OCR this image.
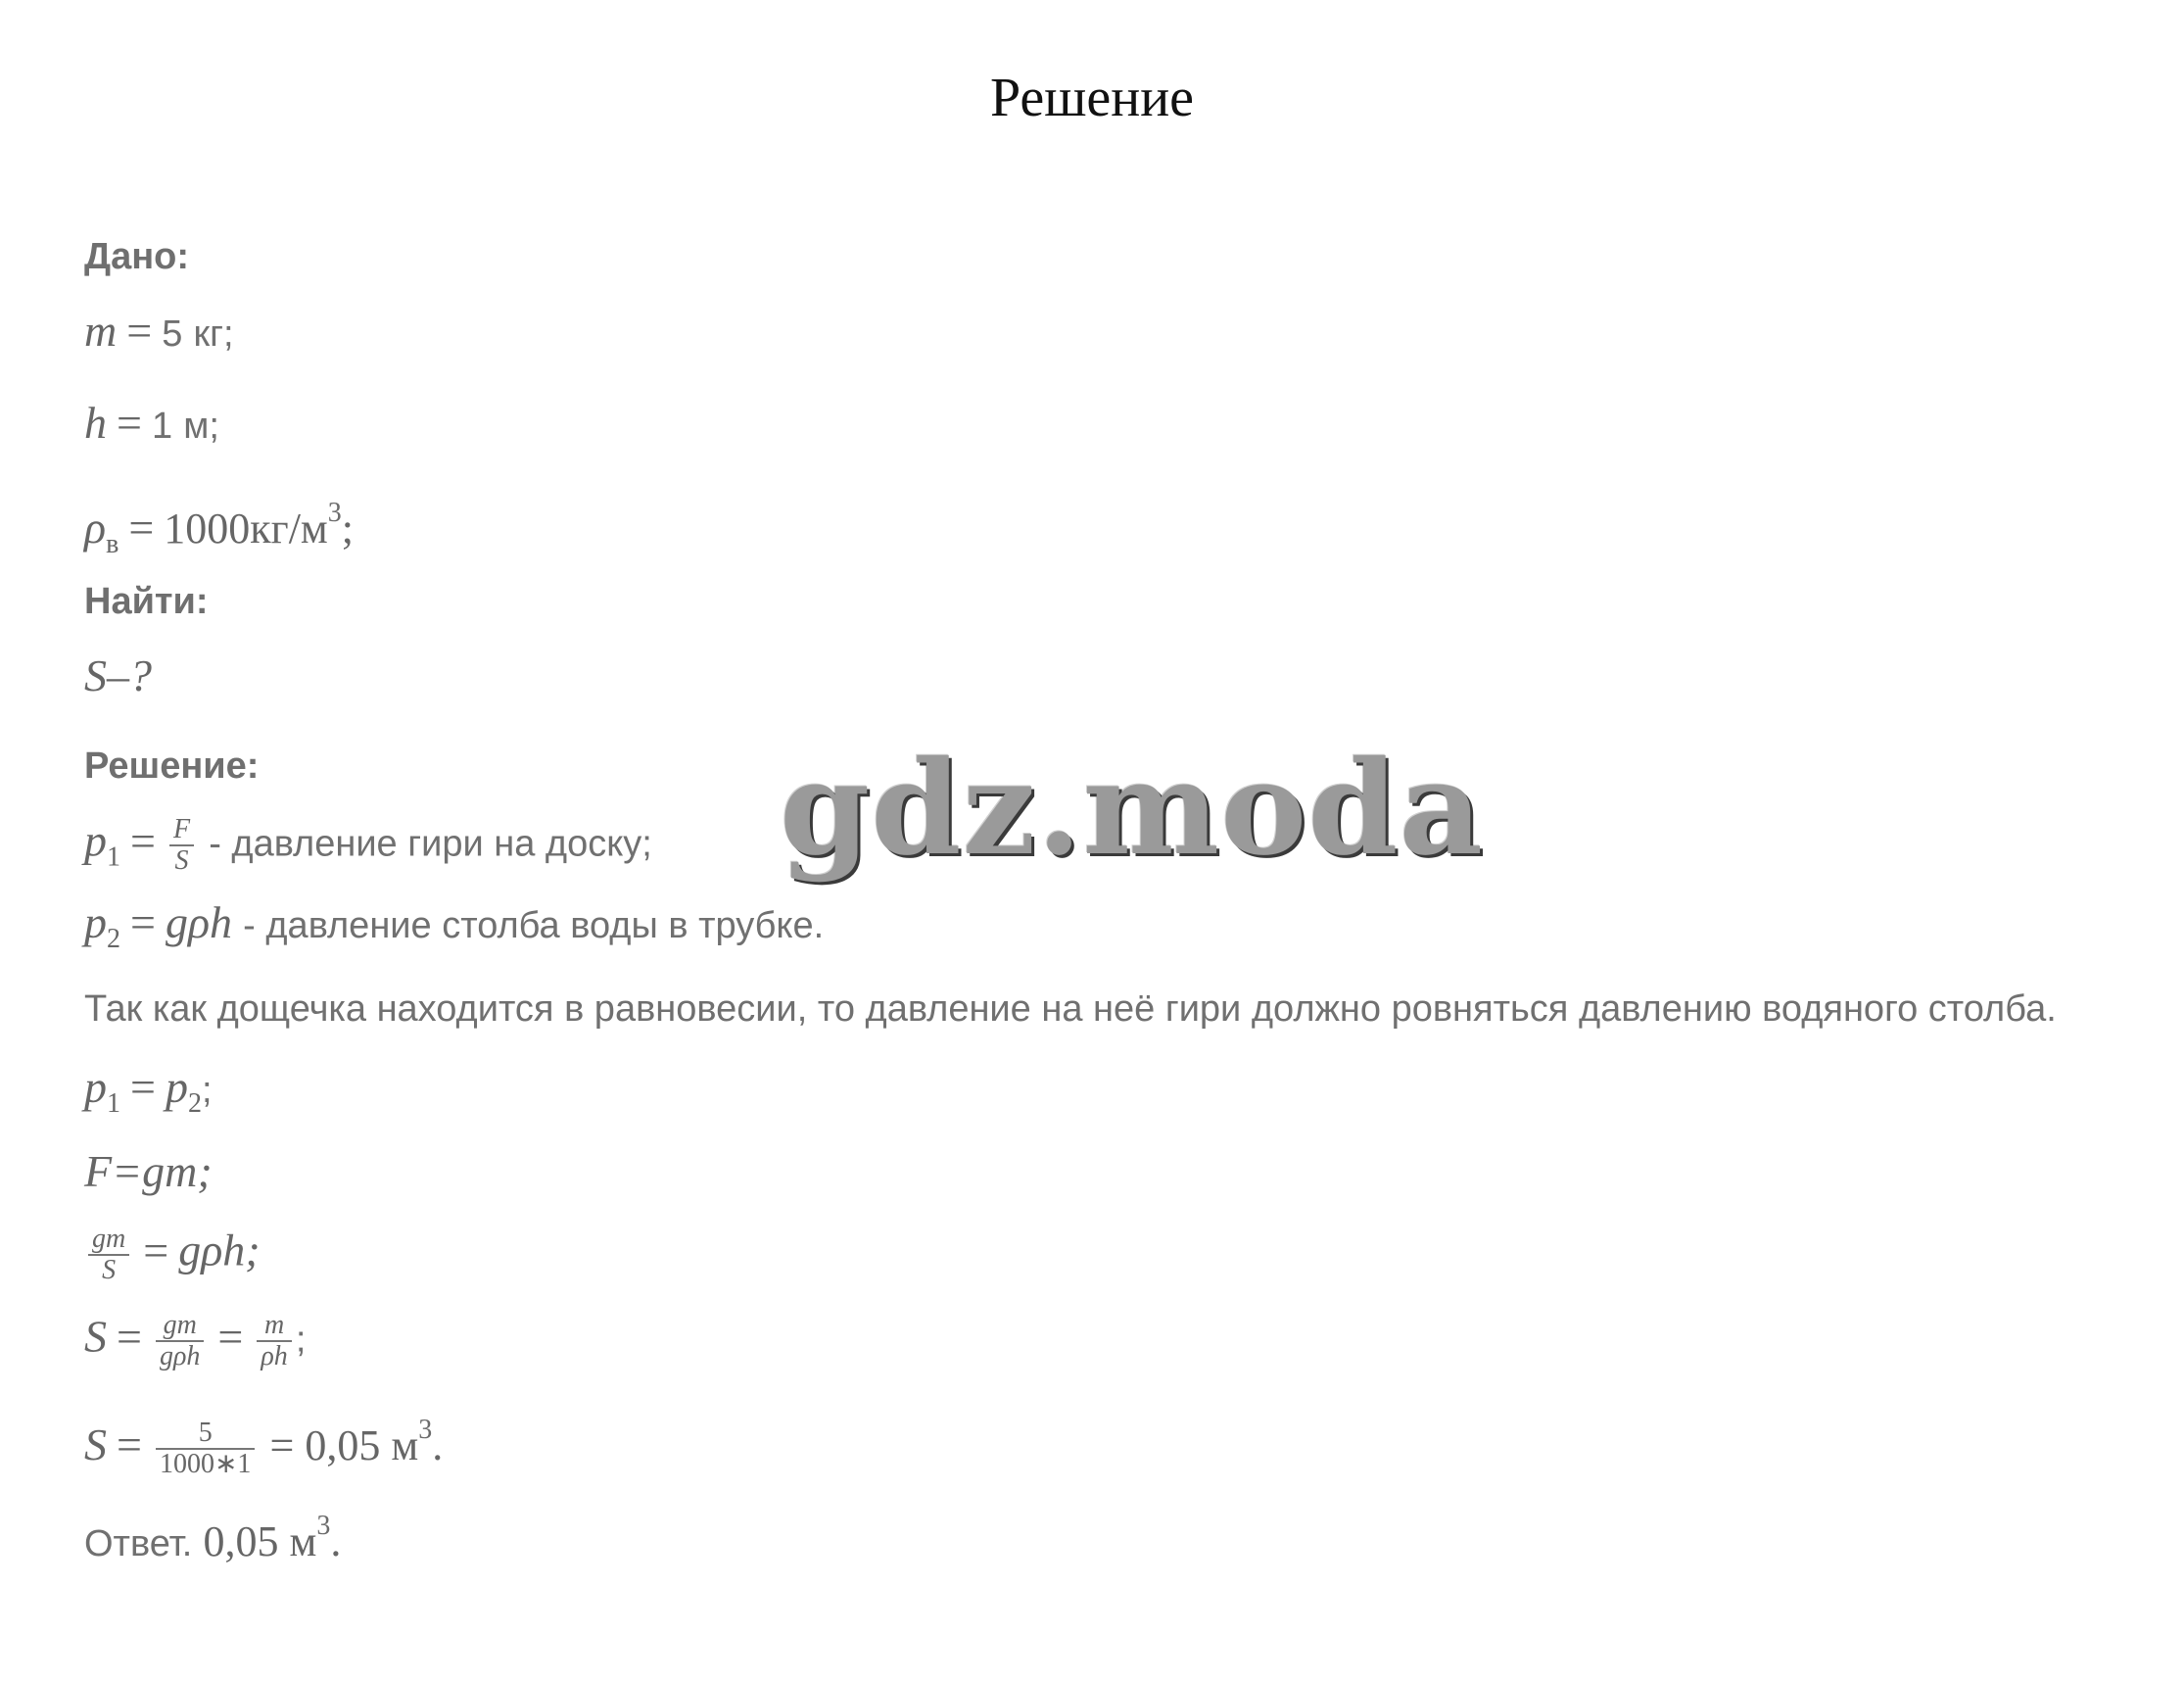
Решение
Дано:
m = 5 кг;
h = 1 м;
$\rho_в = 1000кг/м^3$;
Найти:
S–?
Решение:
$p_1 = \frac{F}{S}$ - давление гири на доску;
$p_2 = g\rho h$ - давление столба воды в трубке.
Так как дощечка находится в равновесии, то давление на неё гири должно ровняться давлению водяного столба.
$p_1 = p_2$;
F=gm;
$\frac{gm}{S} = g\rho h$;
$S = \frac{gm}{\text{gρh}} = \frac{m}{\rho h}$ ;
$S = \frac{5}{1000∗1} = 0,05$ $м^3$.
Ответ. 0,05 $м^3$.
gdz.moda
